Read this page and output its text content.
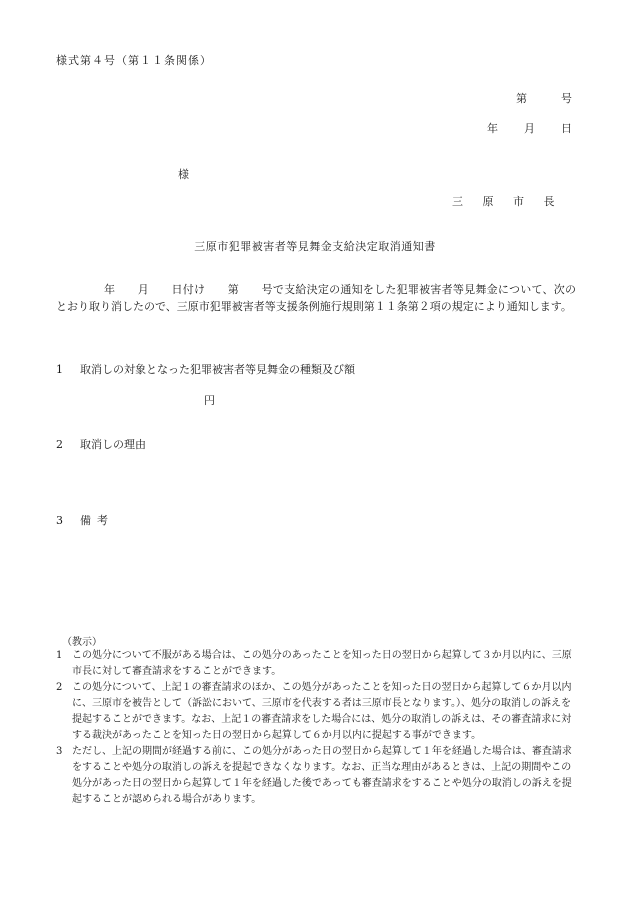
様式第４号（第１１条関係）
第	号
年 月 日
様
三 原 市 長
三原市犯罪被害者等見舞金支給決定取消通知書
年　　月　　日付け　　第　　号で支給決定の通知をした犯罪被害者等見舞金について、次のとおり取り消したので、三原市犯罪被害者等支援条例施行規則第１１条第２項の規定により通知します。
1 取消しの対象となった犯罪被害者等見舞金の種類及び額
円
2 取消しの理由
3 備考
（教示）
1 この処分について不服がある場合は、この処分のあったことを知った日の翌日から起算して３か月以内に、三原市長に対して審査請求をすることができます。
2 この処分について、上記１の審査請求のほか、この処分があったことを知った日の翌日から起算して６か月以内に、三原市を被告として（訴訟において、三原市を代表する者は三原市長となります。）、処分の取消しの訴えを提起することができます。なお、上記１の審査請求をした場合には、処分の取消しの訴えは、その審査請求に対する裁決があったことを知った日の翌日から起算して６か月以内に提起する事ができます。
3 ただし、上記の期間が経過する前に、この処分があった日の翌日から起算して１年を経過した場合は、審査請求をすることや処分の取消しの訴えを提起できなくなります。なお、正当な理由があるときは、上記の期間やこの処分があった日の翌日から起算して１年を経過した後であっても審査請求をすることや処分の取消しの訴えを提起することが認められる場合があります。
